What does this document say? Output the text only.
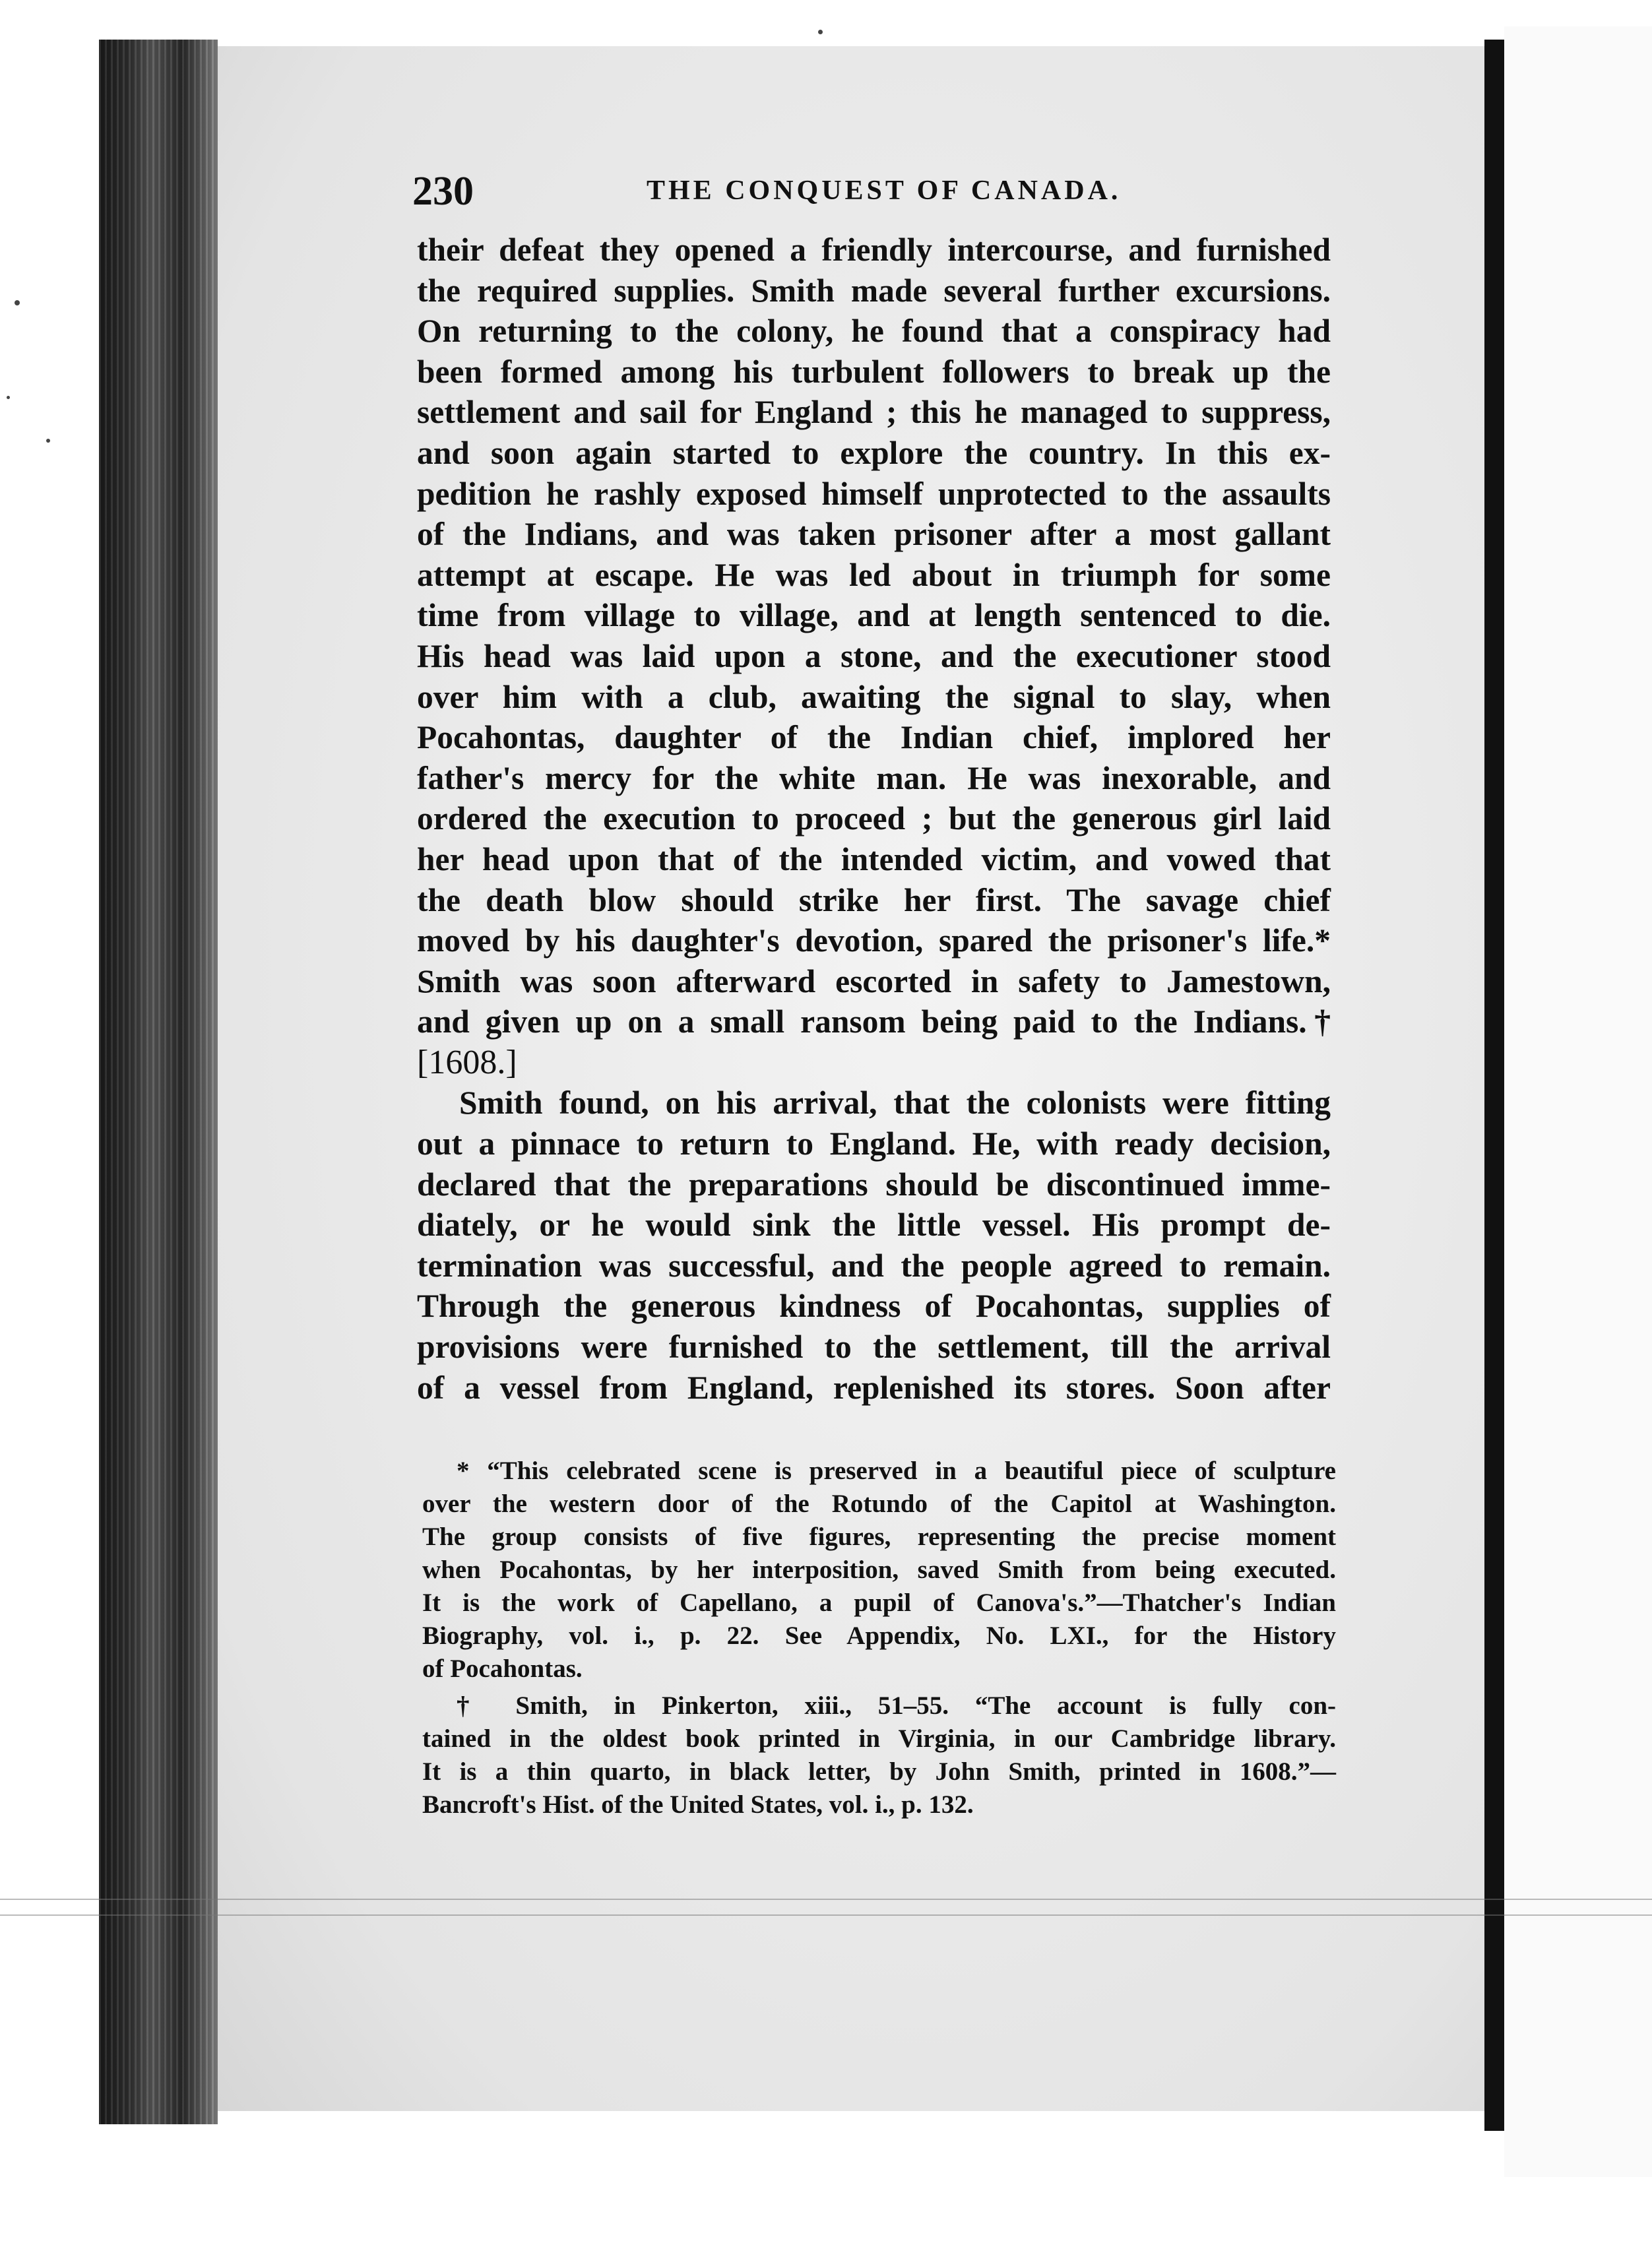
230	THE CONQUEST OF CANADA.
their defeat they opened a friendly intercourse, and furnished
the required supplies. Smith made several further excursions.
On returning to the colony, he found that a conspiracy had
been formed among his turbulent followers to break up the
settlement and sail for England ; this he managed to suppress,
and soon again started to explore the country. In this ex-
pedition he rashly exposed himself unprotected to the assaults
of the Indians, and was taken prisoner after a most gallant
attempt at escape. He was led about in triumph for some
time from village to village, and at length sentenced to die.
His head was laid upon a stone, and the executioner stood
over him with a club, awaiting the signal to slay, when
Pocahontas, daughter of the Indian chief, implored her
father's mercy for the white man. He was inexorable, and
ordered the execution to proceed ; but the generous girl laid
her head upon that of the intended victim, and vowed that
the death blow should strike her first. The savage chief
moved by his daughter's devotion, spared the prisoner's life.*
Smith was soon afterward escorted in safety to Jamestown,
and given up on a small ransom being paid to the Indians.†
[1608.]
Smith found, on his arrival, that the colonists were fitting
out a pinnace to return to England. He, with ready decision,
declared that the preparations should be discontinued imme-
diately, or he would sink the little vessel. His prompt de-
termination was successful, and the people agreed to remain.
Through the generous kindness of Pocahontas, supplies of
provisions were furnished to the settlement, till the arrival
of a vessel from England, replenished its stores. Soon after
* “This celebrated scene is preserved in a beautiful piece of sculpture
over the western door of the Rotundo of the Capitol at Washington.
The group consists of five figures, representing the precise moment
when Pocahontas, by her interposition, saved Smith from being executed.
It is the work of Capellano, a pupil of Canova's.”—Thatcher's Indian
Biography, vol. i., p. 22. See Appendix, No. LXI., for the History
of Pocahontas.
† Smith, in Pinkerton, xiii., 51–55. “The account is fully con-
tained in the oldest book printed in Virginia, in our Cambridge library.
It is a thin quarto, in black letter, by John Smith, printed in 1608.”—
Bancroft's Hist. of the United States, vol. i., p. 132.
